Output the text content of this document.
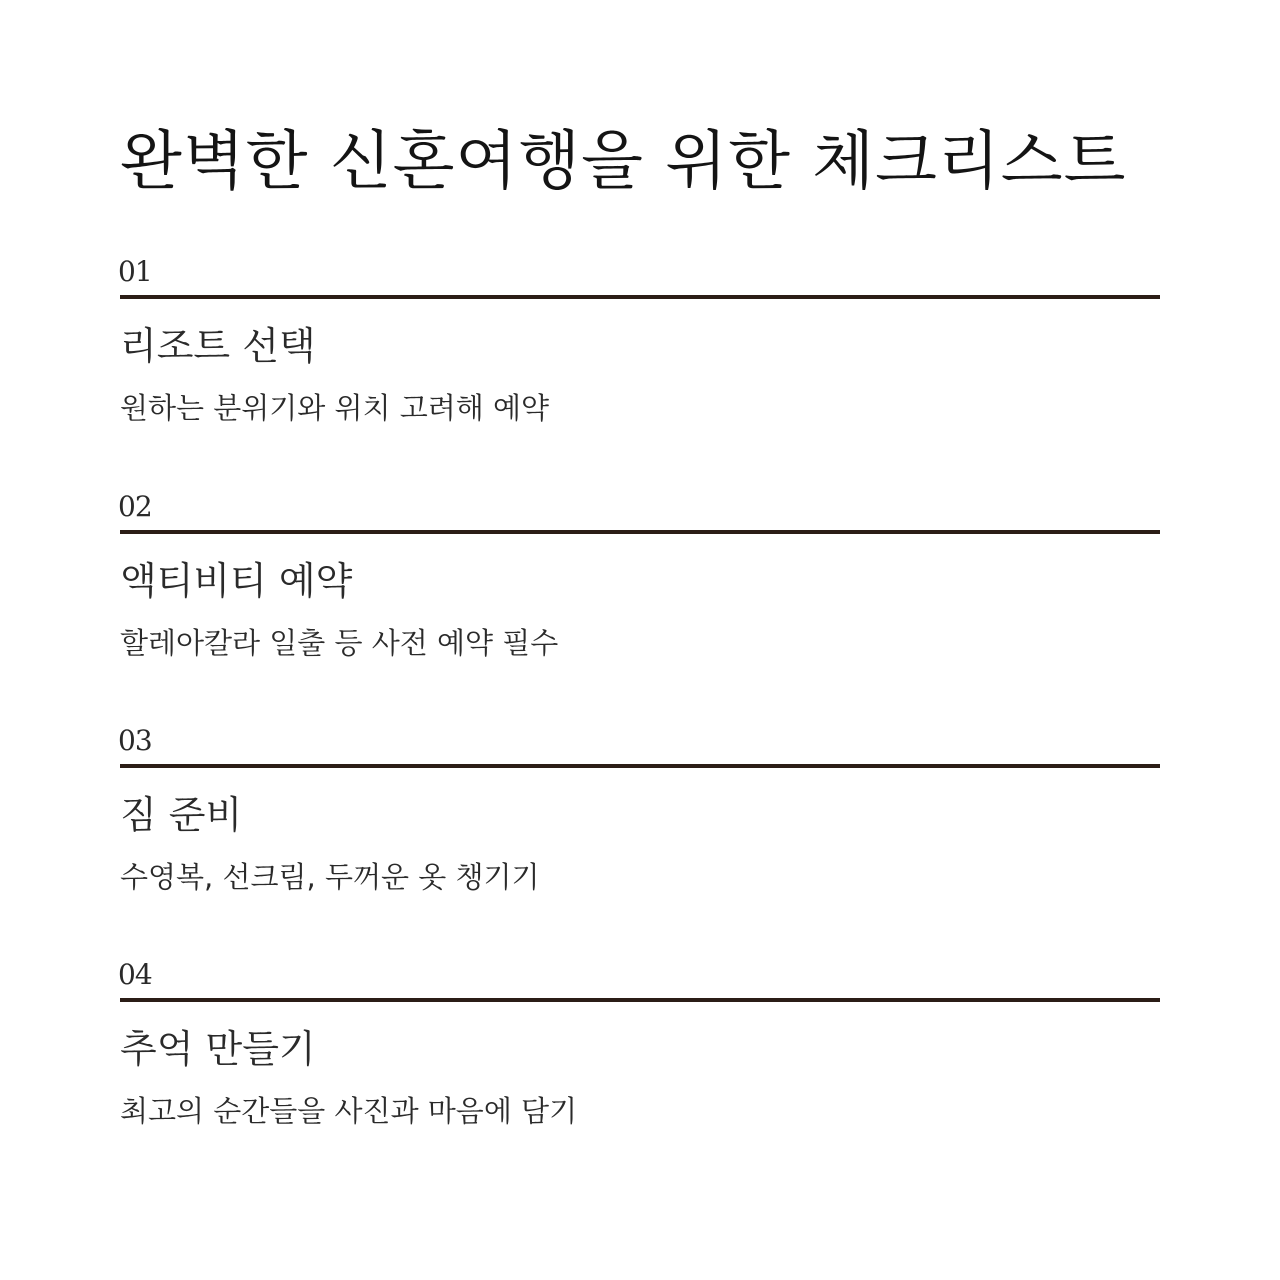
완벽한 신혼여행을 위한 체크리스트
01
리조트 선택

원하는 분위기와 위치 고려해 예약

02
액티비티 예약

할레아칼라 일출 등 사전 예약 필수

03
짐 준비

수영복, 선크림, 두꺼운 옷 챙기기

04
추억 만들기

최고의 순간들을 사진과 마음에 담기
